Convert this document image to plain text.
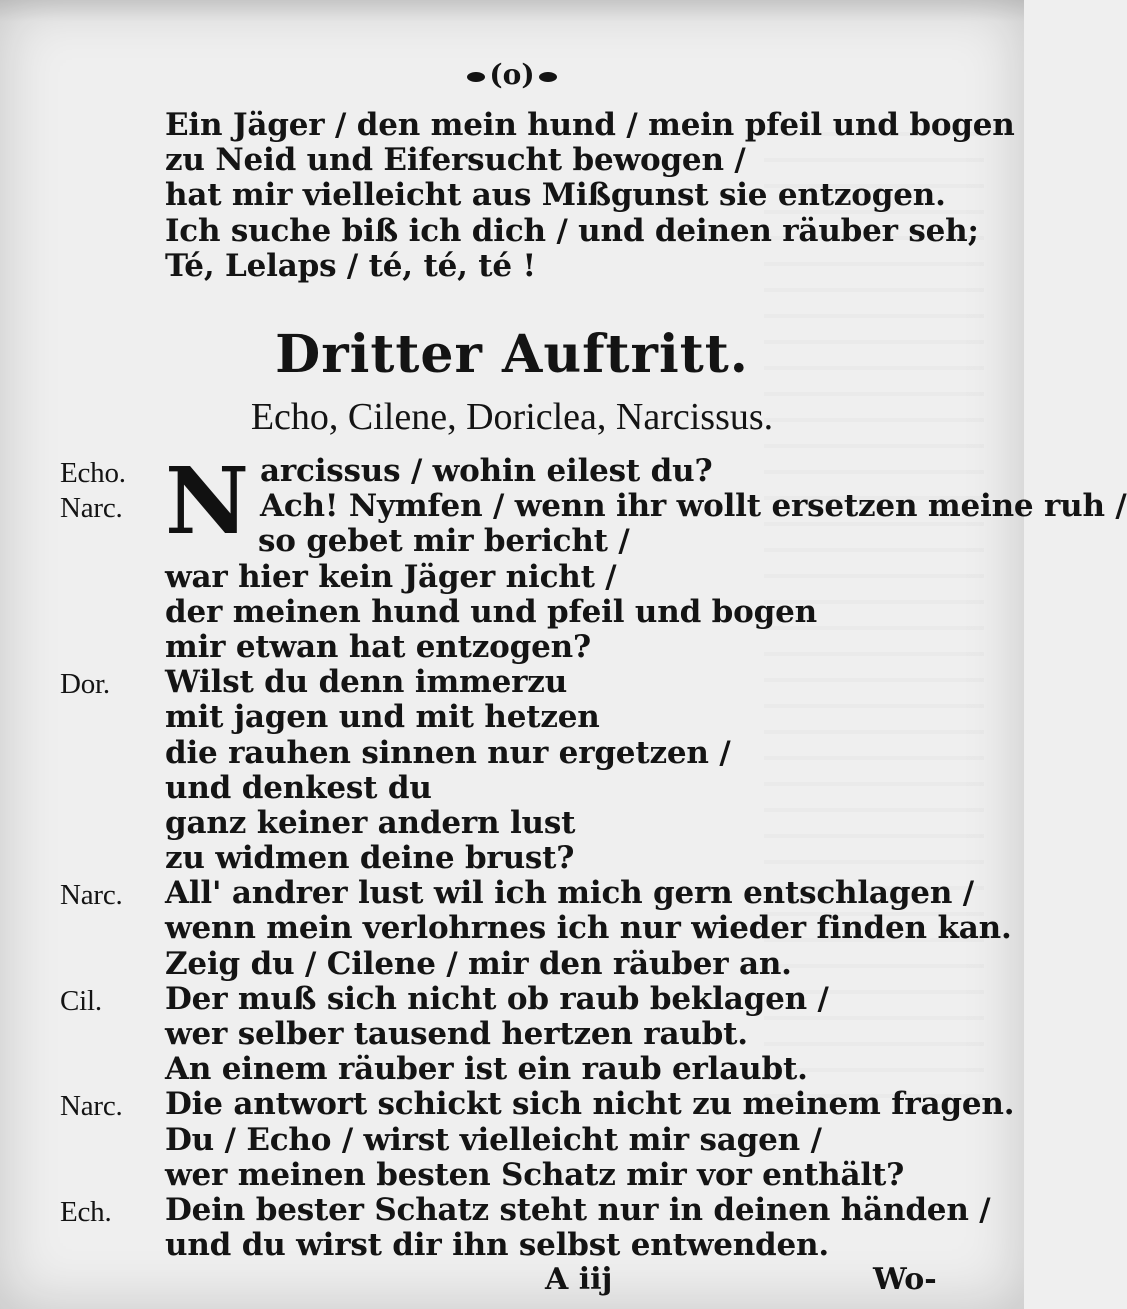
(o)
Ein Jäger / den mein hund / mein pfeil und bogen
zu Neid und Eifersucht bewogen /
hat mir vielleicht aus Mißgunst sie entzogen.
Ich suche biß ich dich / und deinen räuber seh;
Té, Lelaps / té, té, té !
Dritter Auftritt.
Echo, Cilene, Doriclea, Narcissus.
N
Echo.	arcissus / wohin eilest du?
Narc.	Ach! Nymfen / wenn ihr wollt ersetzen meine ruh /
so gebet mir bericht /
war hier kein Jäger nicht /
der meinen hund und pfeil und bogen
mir etwan hat entzogen?
Dor. Wilst du denn immerzu
mit jagen und mit hetzen
die rauhen sinnen nur ergetzen /
und denkest du
ganz keiner andern lust
zu widmen deine brust?
Narc. All' andrer lust wil ich mich gern entschlagen /
wenn mein verlohrnes ich nur wieder finden kan.
Zeig du / Cilene / mir den räuber an.
Cil. Der muß sich nicht ob raub beklagen /
wer selber tausend hertzen raubt.
An einem räuber ist ein raub erlaubt.
Narc. Die antwort schickt sich nicht zu meinem fragen.
Du / Echo / wirst vielleicht mir sagen /
wer meinen besten Schatz mir vor enthält?
Ech. Dein bester Schatz steht nur in deinen händen /
und du wirst dir ihn selbst entwenden.
A iij	Wo-
